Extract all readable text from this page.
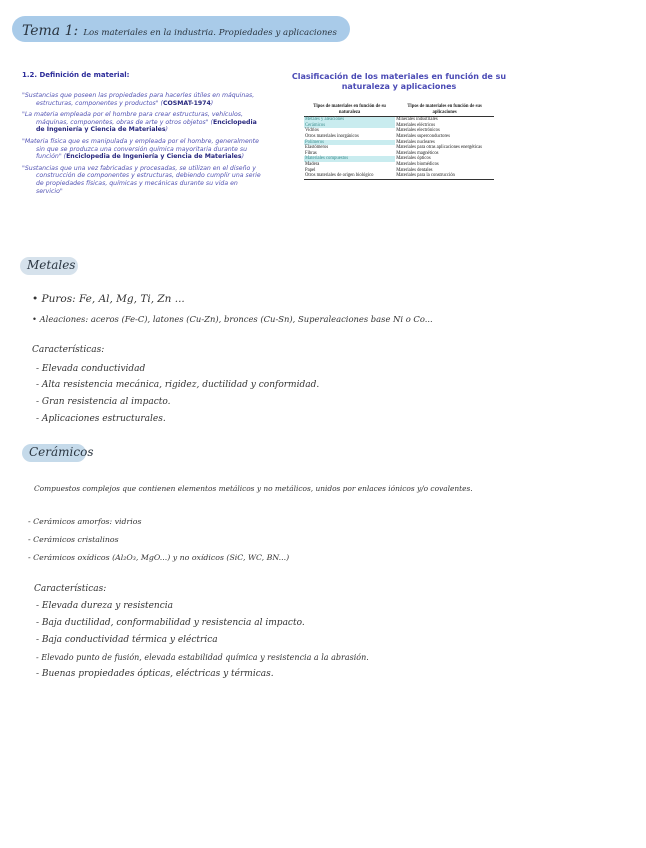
Tema 1: Los materiales en la industria. Propiedades y aplicaciones
1.2. Definición de material:
"Sustancias que poseen las propiedades para hacerles útiles en máquinas, estructuras, componentes y productos" (COSMAT-1974)
"La materia empleada por el hombre para crear estructuras, vehículos, máquinas, componentes, obras de arte y otros objetos" (Enciclopedia de Ingeniería y Ciencia de Materiales)
"Materia física que es manipulada y empleada por el hombre, generalmente sin que se produzca una conversión química mayoritaria durante su función" (Enciclopedia de Ingeniería y Ciencia de Materiales)
"Sustancias que una vez fabricadas y procesadas, se utilizan en el diseño y construcción de componentes y estructuras, debiendo cumplir una serie de propiedades físicas, químicas y mecánicas durante su vida en servicio"
Clasificación de los materiales en función de su naturaleza y aplicaciones
Tipos de materiales en función de su naturaleza	Tipos de materiales en función de sus aplicaciones
Metales y aleaciones	Minerales industriales
Cerámicos	Materiales eléctricos
Vidrios	Materiales electrónicos
Otros materiales inorgánicos	Materiales superconductores
Polímeros	Materiales nucleares
Elastómeros	Materiales para otras aplicaciones energéticas
Fibras	Materiales magnéticos
Materiales compuestos	Materiales ópticos
Madera	Materiales biomédicos
Papel	Materiales dentales
Otros materiales de origen biológico	Materiales para la construcción
Metales
• Puros: Fe, Al, Mg, Ti, Zn ...
• Aleaciones: aceros (Fe-C), latones (Cu-Zn), bronces (Cu-Sn), Superaleaciones base Ni o Co...
Características:
- Elevada conductividad
- Alta resistencia mecánica, rigidez, ductilidad y conformidad.
- Gran resistencia al impacto.
- Aplicaciones estructurales.
Cerámicos
Compuestos complejos que contienen elementos metálicos y no metálicos, unidos por enlaces iónicos y/o covalentes.
- Cerámicos amorfos: vidrios
- Cerámicos cristalinos
- Cerámicos oxídicos (Al₂O₃, MgO...) y no oxídicos (SiC, WC, BN...)
Características:
- Elevada dureza y resistencia
- Baja ductilidad, conformabilidad y resistencia al impacto.
- Baja conductividad térmica y eléctrica
- Elevado punto de fusión, elevada estabilidad química y resistencia a la abrasión.
- Buenas propiedades ópticas, eléctricas y térmicas.
